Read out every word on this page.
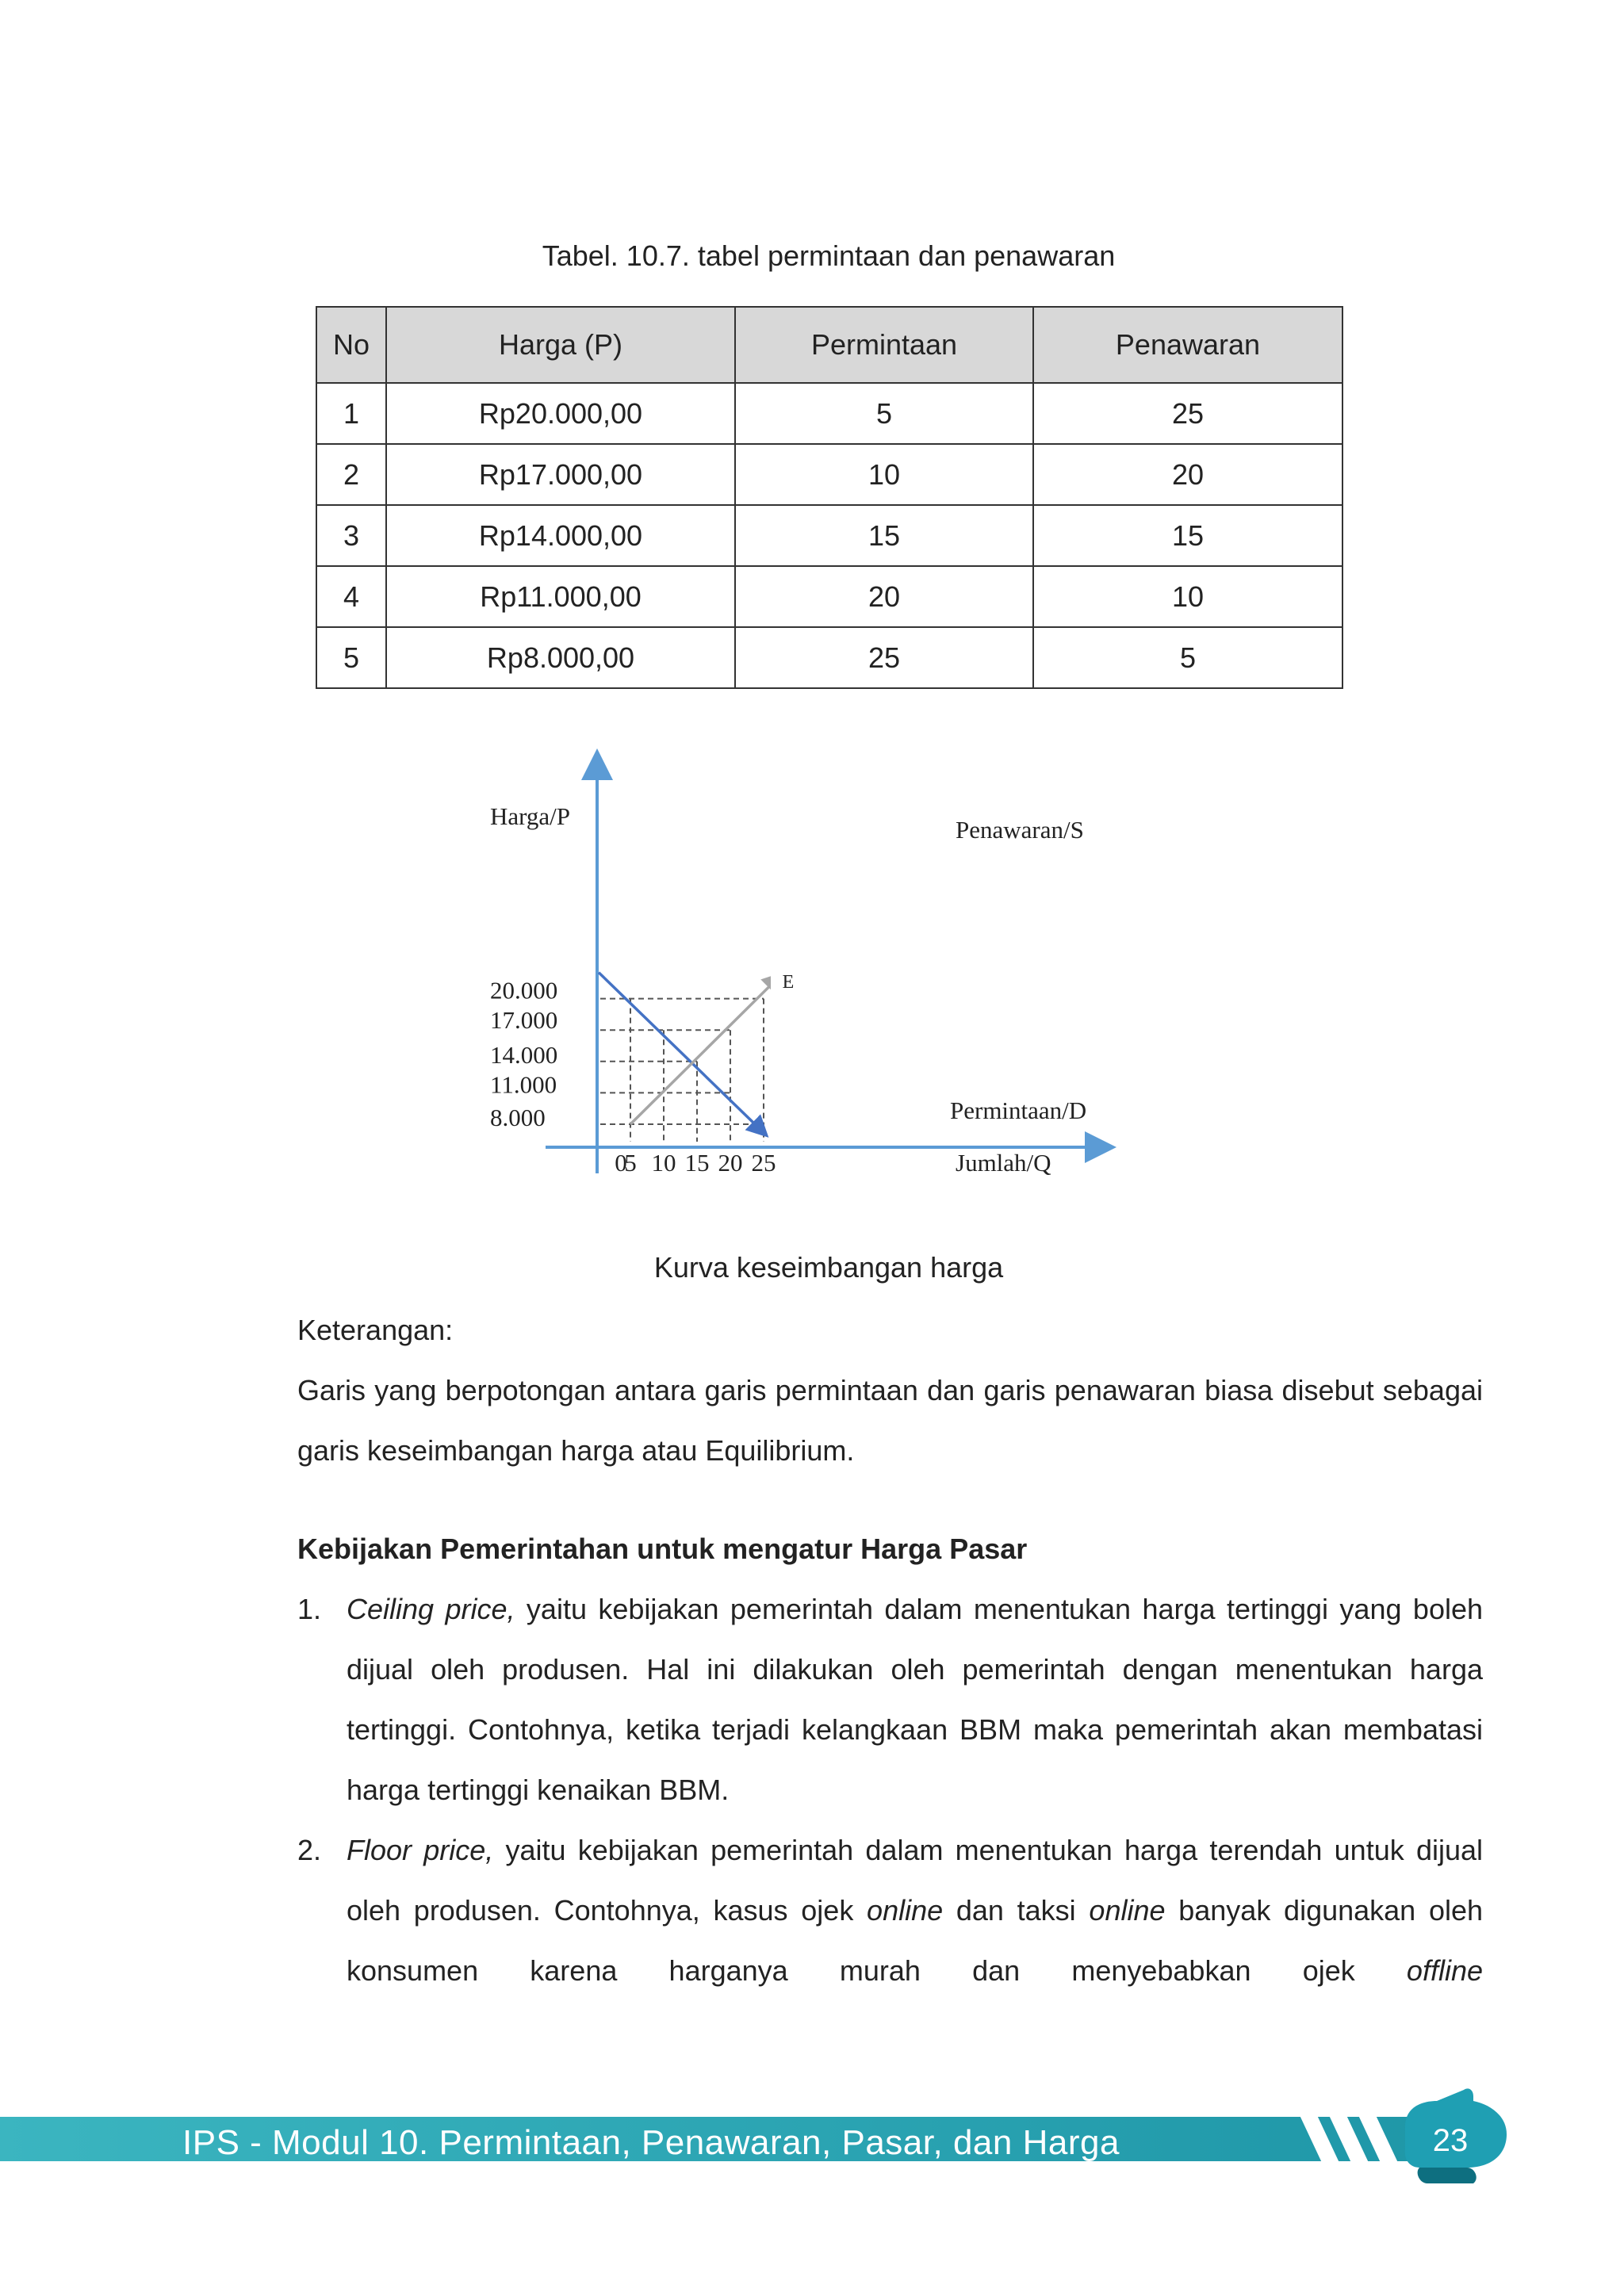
Tabel. 10.7. tabel permintaan dan penawaran
No	Harga (P)	Permintaan	Penawaran
1	Rp20.000,00	5	25
2	Rp17.000,00	10	20
3	Rp14.000,00	15	15
4	Rp11.000,00	20	10
5	Rp8.000,00	25	5
Harga/P
Jumlah/Q
20.000
17.000
14.000
11.000
8.000
0
5 10 15 20 25
Penawaran/S
Permintaan/D
E
Kurva keseimbangan harga
Keterangan:
Garis yang berpotongan antara garis permintaan dan garis penawaran biasa disebut sebagai garis keseimbangan harga atau Equilibrium.
Kebijakan Pemerintahan untuk mengatur Harga Pasar
1. Ceiling price, yaitu kebijakan pemerintah dalam menentukan harga tertinggi yang boleh dijual oleh produsen. Hal ini dilakukan oleh pemerintah dengan menentukan harga tertinggi. Contohnya, ketika terjadi kelangkaan BBM maka pemerintah akan membatasi harga tertinggi kenaikan BBM.
2. Floor price, yaitu kebijakan pemerintah dalam menentukan harga terendah untuk dijual oleh produsen. Contohnya, kasus ojek online dan taksi online banyak digunakan oleh konsumen karena harganya murah dan menyebabkan ojek offline
IPS - Modul 10. Permintaan, Penawaran, Pasar, dan Harga	23
